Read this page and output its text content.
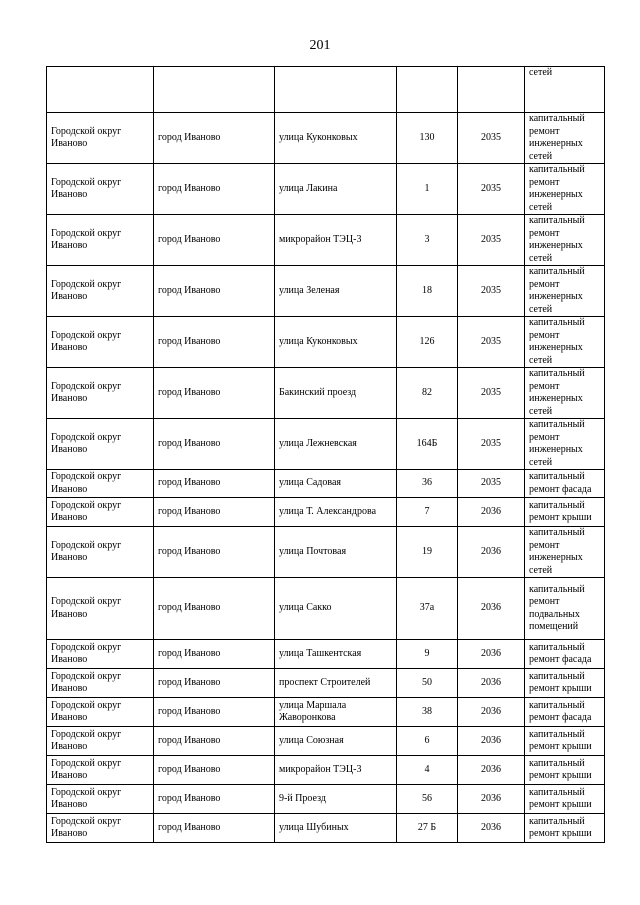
201
					сетей
Городской округ Иваново	город Иваново	улица Куконковых	130	2035	капитальный ремонт инженерных сетей
Городской округ Иваново	город Иваново	улица Лакина	1	2035	капитальный ремонт инженерных сетей
Городской округ Иваново	город Иваново	микрорайон ТЭЦ-3	3	2035	капитальный ремонт инженерных сетей
Городской округ Иваново	город Иваново	улица Зеленая	18	2035	капитальный ремонт инженерных сетей
Городской округ Иваново	город Иваново	улица Куконковых	126	2035	капитальный ремонт инженерных сетей
Городской округ Иваново	город Иваново	Бакинский проезд	82	2035	капитальный ремонт инженерных сетей
Городской округ Иваново	город Иваново	улица Лежневская	164Б	2035	капитальный ремонт инженерных сетей
Городской округ Иваново	город Иваново	улица Садовая	36	2035	капитальный ремонт фасада
Городской округ Иваново	город Иваново	улица Т. Александрова	7	2036	капитальный ремонт крыши
Городской округ Иваново	город Иваново	улица Почтовая	19	2036	капитальный ремонт инженерных сетей
Городской округ Иваново	город Иваново	улица Сакко	37а	2036	капитальный ремонт подвальных помещений
Городской округ Иваново	город Иваново	улица Ташкентская	9	2036	капитальный ремонт фасада
Городской округ Иваново	город Иваново	проспект Строителей	50	2036	капитальный ремонт крыши
Городской округ Иваново	город Иваново	улица Маршала Жаворонкова	38	2036	капитальный ремонт фасада
Городской округ Иваново	город Иваново	улица Союзная	6	2036	капитальный ремонт крыши
Городской округ Иваново	город Иваново	микрорайон ТЭЦ-3	4	2036	капитальный ремонт крыши
Городской округ Иваново	город Иваново	9-й Проезд	56	2036	капитальный ремонт крыши
Городской округ Иваново	город Иваново	улица Шубиных	27 Б	2036	капитальный ремонт крыши
